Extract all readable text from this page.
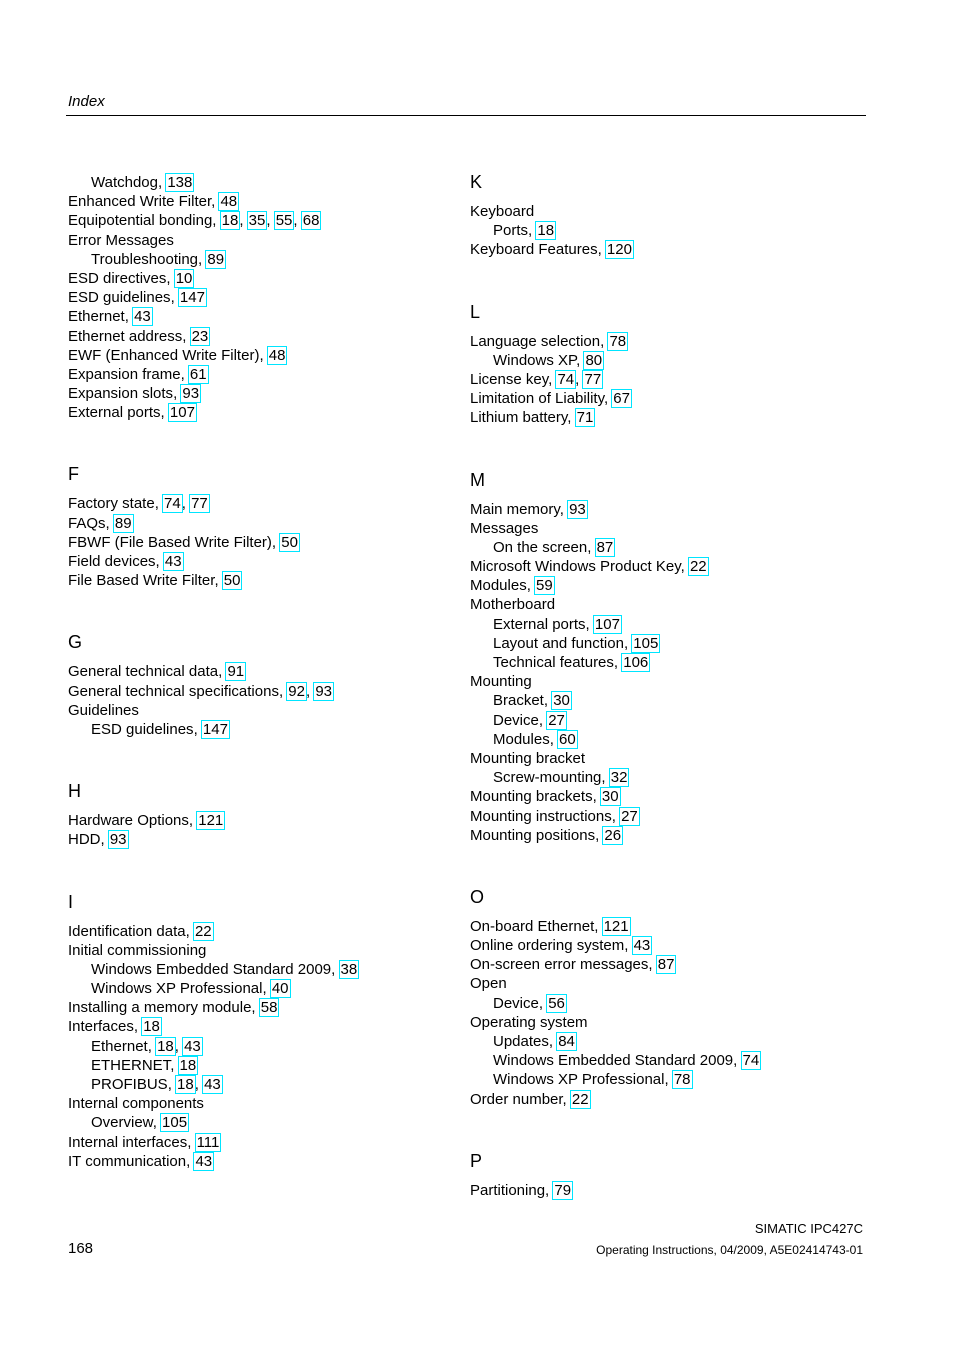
Index
Watchdog, 138
Enhanced Write Filter, 48
Equipotential bonding, 18, 35, 55, 68
Error Messages
Troubleshooting, 89
ESD directives, 10
ESD guidelines, 147
Ethernet, 43
Ethernet address, 23
EWF (Enhanced Write Filter), 48
Expansion frame, 61
Expansion slots, 93
External ports, 107
F
Factory state, 74, 77
FAQs, 89
FBWF (File Based Write Filter), 50
Field devices, 43
File Based Write Filter, 50
G
General technical data, 91
General technical specifications, 92, 93
Guidelines
ESD guidelines, 147
H
Hardware Options, 121
HDD, 93
I
Identification data, 22
Initial commissioning
Windows Embedded Standard 2009, 38
Windows XP Professional, 40
Installing a memory module, 58
Interfaces, 18
Ethernet, 18, 43
ETHERNET, 18
PROFIBUS, 18, 43
Internal components
Overview, 105
Internal interfaces, 111
IT communication, 43
K
Keyboard
Ports, 18
Keyboard Features, 120
L
Language selection, 78
Windows XP, 80
License key, 74, 77
Limitation of Liability, 67
Lithium battery, 71
M
Main memory, 93
Messages
On the screen, 87
Microsoft Windows Product Key, 22
Modules, 59
Motherboard
External ports, 107
Layout and function, 105
Technical features, 106
Mounting
Bracket, 30
Device, 27
Modules, 60
Mounting bracket
Screw-mounting, 32
Mounting brackets, 30
Mounting instructions, 27
Mounting positions, 26
O
On-board Ethernet, 121
Online ordering system, 43
On-screen error messages, 87
Open
Device, 56
Operating system
Updates, 84
Windows Embedded Standard 2009, 74
Windows XP Professional, 78
Order number, 22
P
Partitioning, 79
168
SIMATIC IPC427C
Operating Instructions, 04/2009, A5E02414743-01
